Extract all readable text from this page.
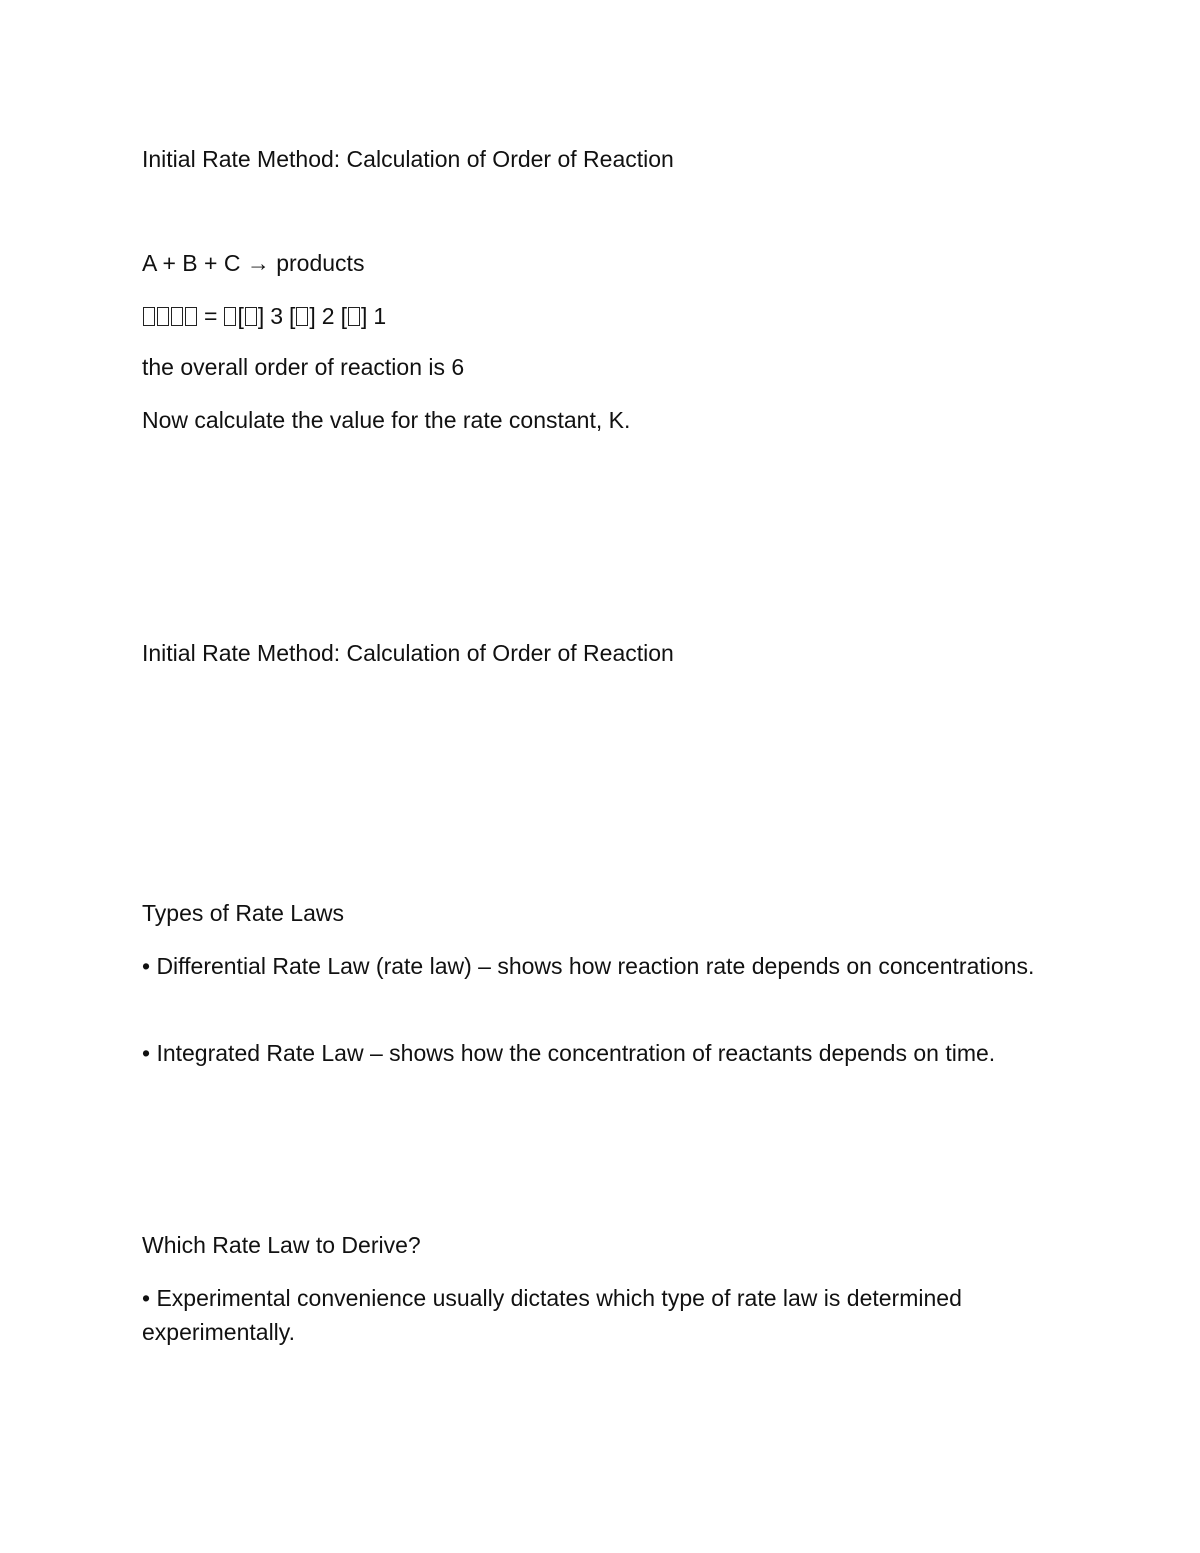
Initial Rate Method: Calculation of Order of Reaction

A + B + C → products

= [ ] 3 [ ] 2 [ ] 1

the overall order of reaction is 6

Now calculate the value for the rate constant, K.

Initial Rate Method: Calculation of Order of Reaction

Types of Rate Laws

• Differential Rate Law (rate law) – shows how reaction rate depends on concentrations.

• Integrated Rate Law – shows how the concentration of reactants depends on time.

Which Rate Law to Derive?

• Experimental convenience usually dictates which type of rate law is determined experimentally.
